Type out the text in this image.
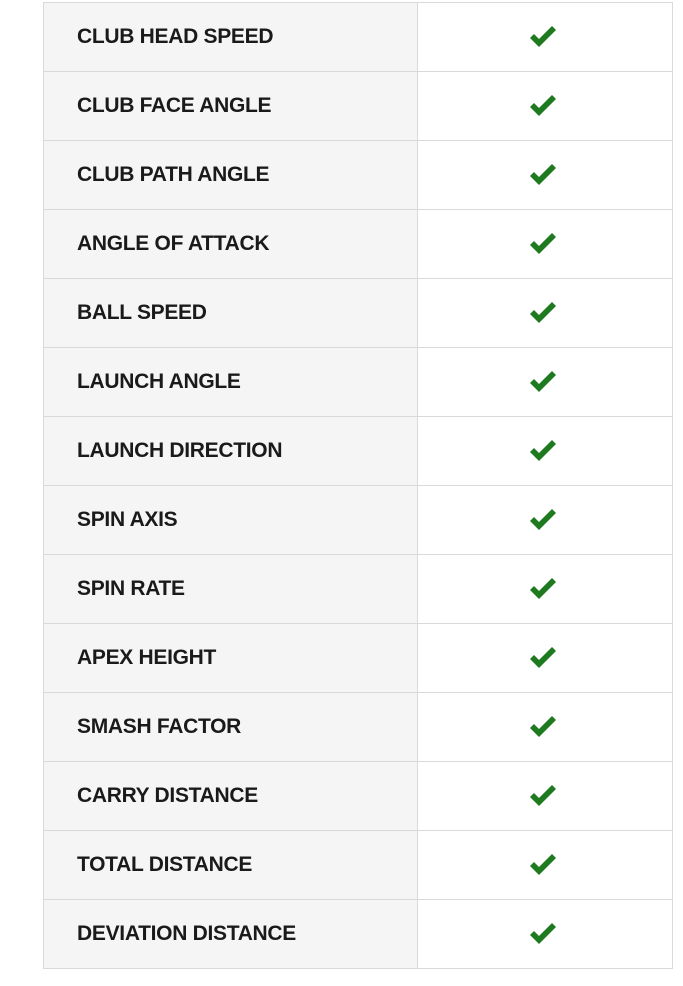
CLUB HEAD SPEED	
CLUB FACE ANGLE	
CLUB PATH ANGLE	
ANGLE OF ATTACK	
BALL SPEED	
LAUNCH ANGLE	
LAUNCH DIRECTION	
SPIN AXIS	
SPIN RATE	
APEX HEIGHT	
SMASH FACTOR	
CARRY DISTANCE	
TOTAL DISTANCE	
DEVIATION DISTANCE	
